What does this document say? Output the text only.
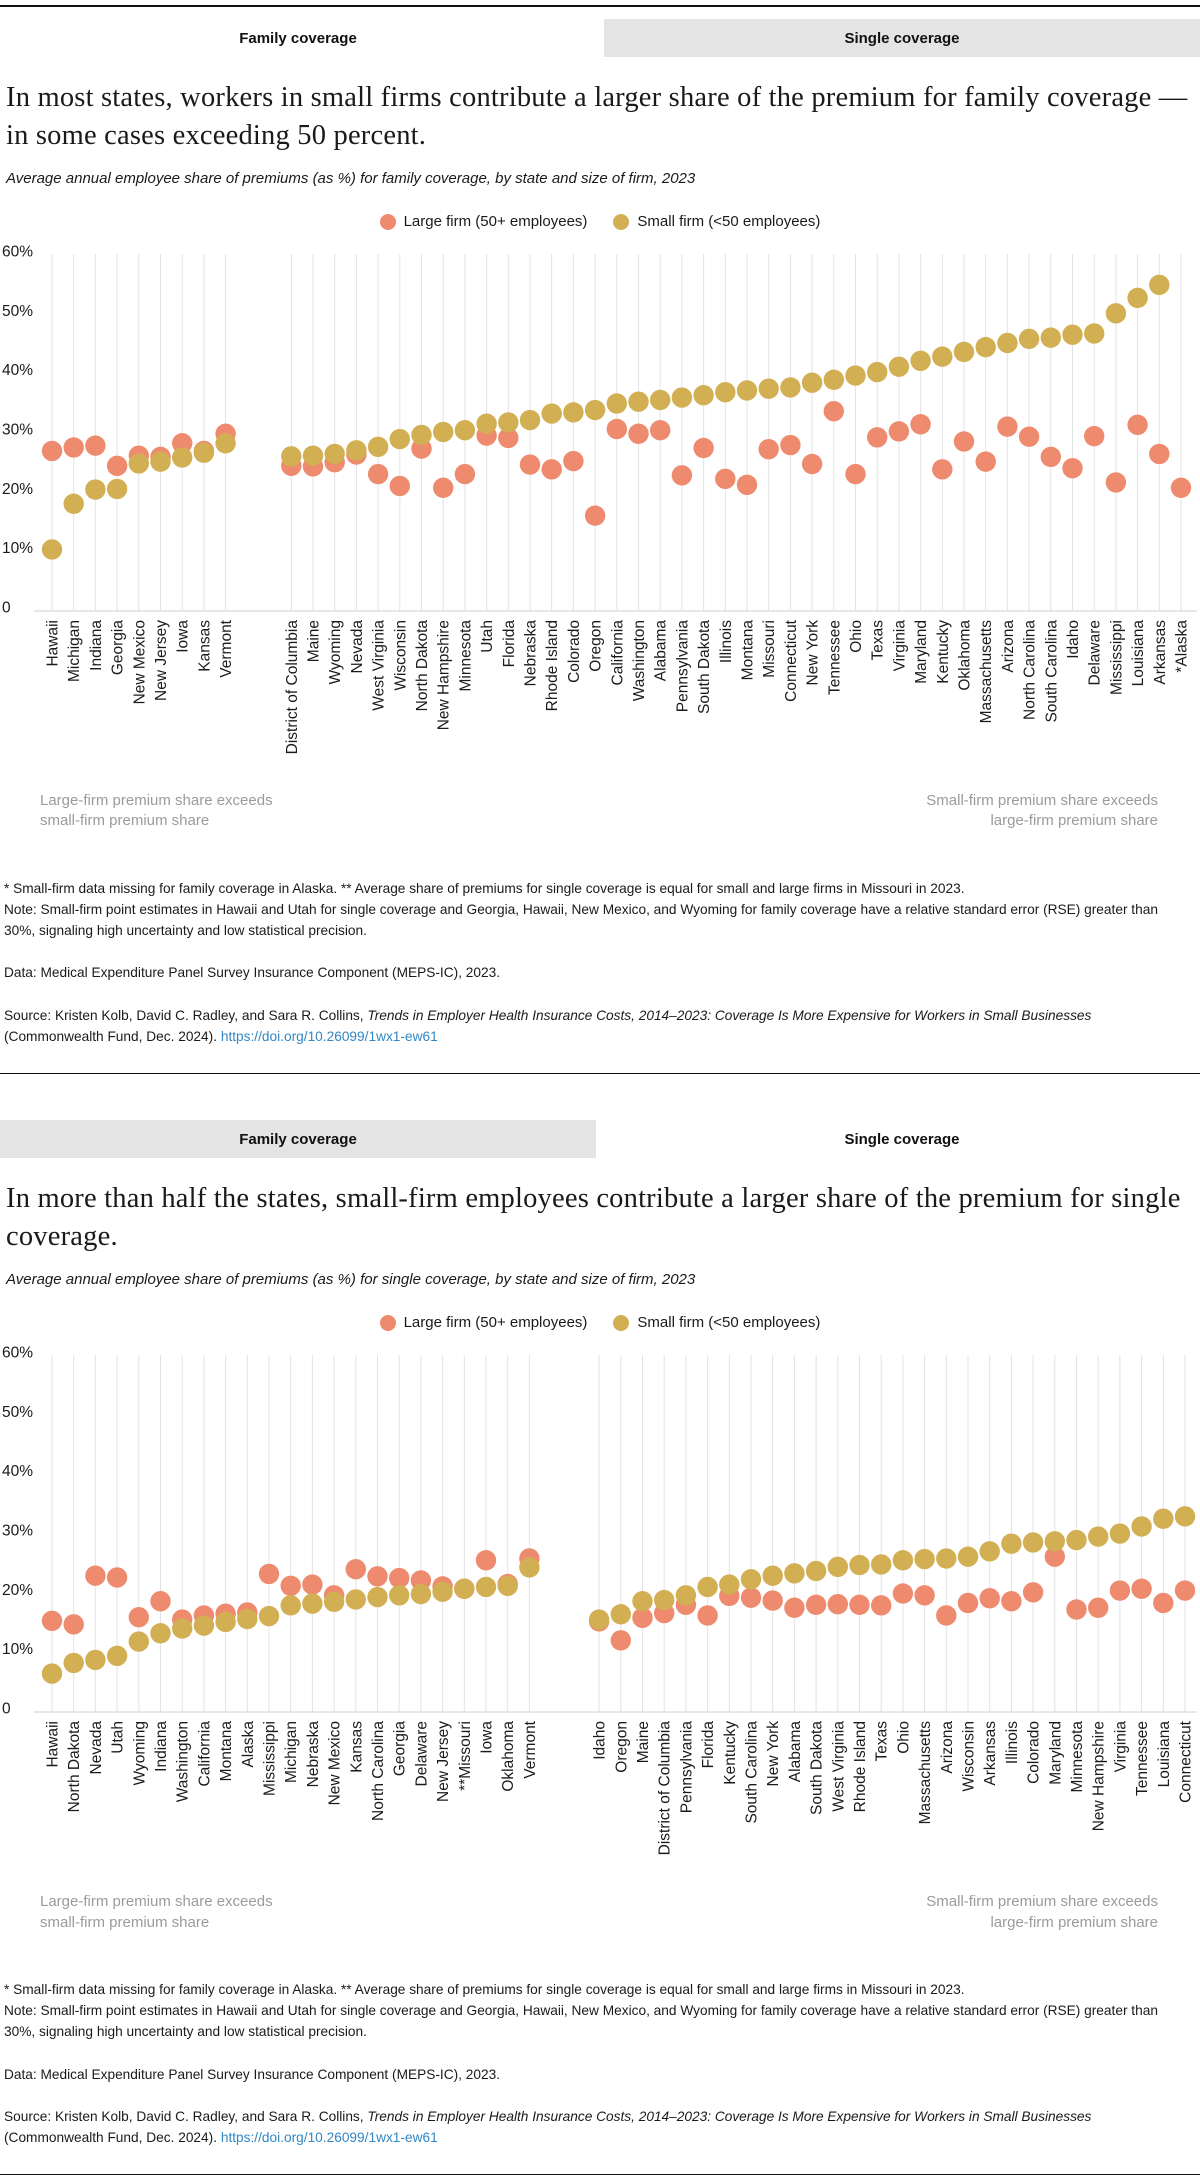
Family coverage	Single coverage
In most states, workers in small firms contribute a larger share of the premium for family coverage — in some cases exceeding 50 percent.

Average annual employee share of premiums (as %) for family coverage, by state and size of firm, 2023

Large firm (50+ employees)	Small firm (<50 employees)
60%
50%
40%
30%
20%
10%
0
Hawaii Michigan Indiana Georgia New Mexico New Jersey Iowa Kansas Vermont	District of Columbia Maine Wyoming Nevada West Virginia Wisconsin North Dakota New Hampshire Minnesota Utah Florida Nebraska Rhode Island Colorado Oregon California Washington Alabama Pennsylvania South Dakota Illinois Montana Missouri Connecticut New York Tennessee Ohio Texas Virginia Maryland Kentucky Oklahoma Massachusetts Arizona North Carolina South Carolina Idaho Delaware Mississippi Louisiana Arkansas *Alaska
Large-firm premium share exceeds
small-firm premium share
Small-firm premium share exceeds
large-firm premium share

* Small-firm data missing for family coverage in Alaska. ** Average share of premiums for single coverage is equal for small and large firms in Missouri in 2023.

Note: Small-firm point estimates in Hawaii and Utah for single coverage and Georgia, Hawaii, New Mexico, and Wyoming for family coverage have a relative standard error (RSE) greater than 30%, signaling high uncertainty and low statistical precision.

Data: Medical Expenditure Panel Survey Insurance Component (MEPS-IC), 2023.

Source: Kristen Kolb, David C. Radley, and Sara R. Collins, Trends in Employer Health Insurance Costs, 2014–2023: Coverage Is More Expensive for Workers in Small Businesses (Commonwealth Fund, Dec. 2024). https://doi.org/10.26099/1wx1-ew61

Family coverage	Single coverage
In more than half the states, small-firm employees contribute a larger share of the premium for single coverage.

Average annual employee share of premiums (as %) for single coverage, by state and size of firm, 2023

Large firm (50+ employees)	Small firm (<50 employees)
60%
50%
40%
30%
20%
10%
0
Hawaii North Dakota Nevada Utah Wyoming Indiana Washington California Montana Alaska Mississippi Michigan Nebraska New Mexico Kansas North Carolina Georgia Delaware New Jersey **Missouri Iowa Oklahoma Vermont	Idaho Oregon Maine District of Columbia Pennsylvania Florida Kentucky South Carolina New York Alabama South Dakota West Virginia Rhode Island Texas Ohio Massachusetts Arizona Wisconsin Arkansas Illinois Colorado Maryland Minnesota New Hampshire Virginia Tennessee Louisiana Connecticut
Large-firm premium share exceeds
small-firm premium share
Small-firm premium share exceeds
large-firm premium share

* Small-firm data missing for family coverage in Alaska. ** Average share of premiums for single coverage is equal for small and large firms in Missouri in 2023.

Note: Small-firm point estimates in Hawaii and Utah for single coverage and Georgia, Hawaii, New Mexico, and Wyoming for family coverage have a relative standard error (RSE) greater than 30%, signaling high uncertainty and low statistical precision.

Data: Medical Expenditure Panel Survey Insurance Component (MEPS-IC), 2023.

Source: Kristen Kolb, David C. Radley, and Sara R. Collins, Trends in Employer Health Insurance Costs, 2014–2023: Coverage Is More Expensive for Workers in Small Businesses (Commonwealth Fund, Dec. 2024). https://doi.org/10.26099/1wx1-ew61
